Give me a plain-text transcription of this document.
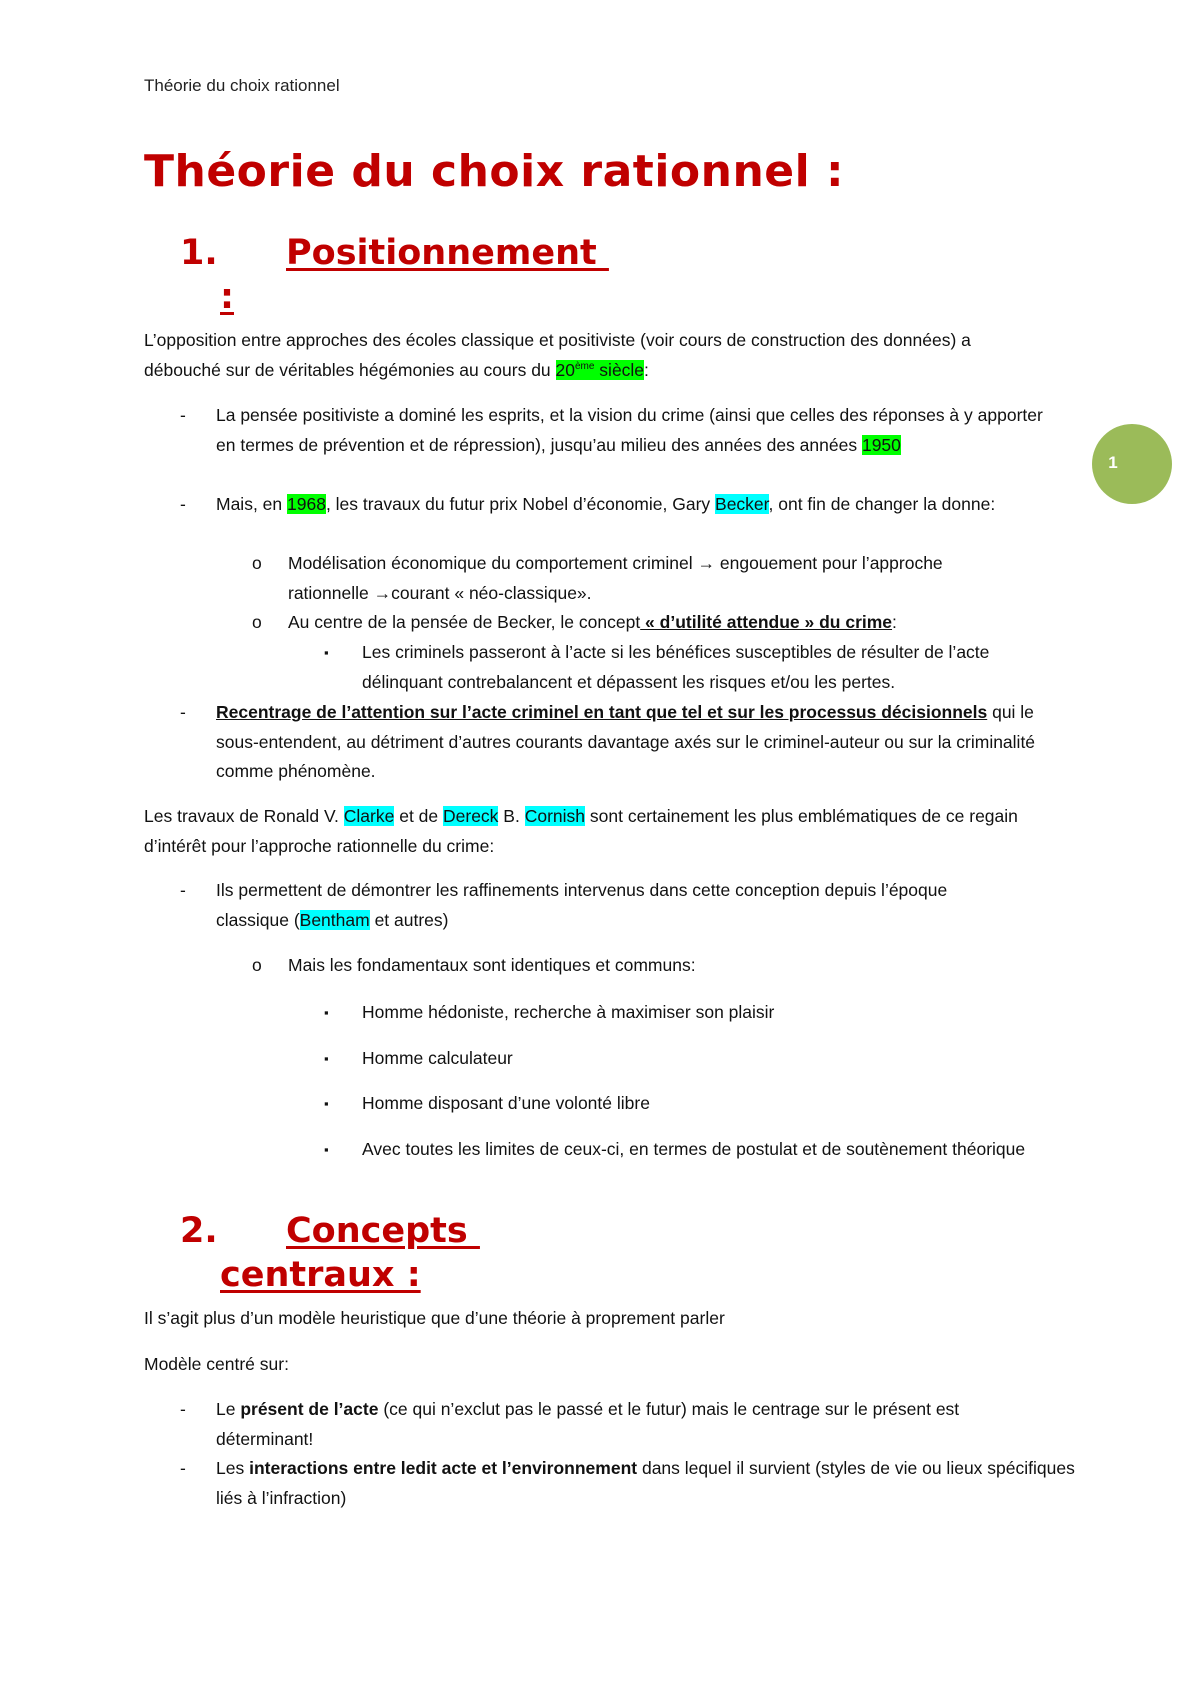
Théorie du choix rationnel
Théorie du choix rationnel :
1. Positionnement
:
L’opposition entre approches des écoles classique et positiviste (voir cours de construction des données) a débouché sur de véritables hégémonies au cours du 20ème siècle:
- La pensée positiviste a dominé les esprits, et la vision du crime (ainsi que celles des réponses à y apporter en termes de prévention et de répression), jusqu’au milieu des années des années 1950
- Mais, en 1968, les travaux du futur prix Nobel d’économie, Gary Becker, ont fin de changer la donne:
o Modélisation économique du comportement criminel → engouement pour l’approche rationnelle →courant « néo-classique».
o Au centre de la pensée de Becker, le concept « d’utilité attendue » du crime:
▪ Les criminels passeront à l’acte si les bénéfices susceptibles de résulter de l’acte délinquant contrebalancent et dépassent les risques et/ou les pertes.
- Recentrage de l’attention sur l’acte criminel en tant que tel et sur les processus décisionnels qui le sous-entendent, au détriment d’autres courants davantage axés sur le criminel-auteur ou sur la criminalité comme phénomène.
Les travaux de Ronald V. Clarke et de Dereck B. Cornish sont certainement les plus emblématiques de ce regain d’intérêt pour l’approche rationnelle du crime:
- Ils permettent de démontrer les raffinements intervenus dans cette conception depuis l’époque classique (Bentham et autres)
o Mais les fondamentaux sont identiques et communs:
▪ Homme hédoniste, recherche à maximiser son plaisir
▪ Homme calculateur
▪ Homme disposant d’une volonté libre
▪ Avec toutes les limites de ceux-ci, en termes de postulat et de soutènement théorique
2. Concepts
centraux :
Il s’agit plus d’un modèle heuristique que d’une théorie à proprement parler
Modèle centré sur:
- Le présent de l’acte (ce qui n’exclut pas le passé et le futur) mais le centrage sur le présent est déterminant!
- Les interactions entre ledit acte et l’environnement dans lequel il survient (styles de vie ou lieux spécifiques liés à l’infraction)
1
